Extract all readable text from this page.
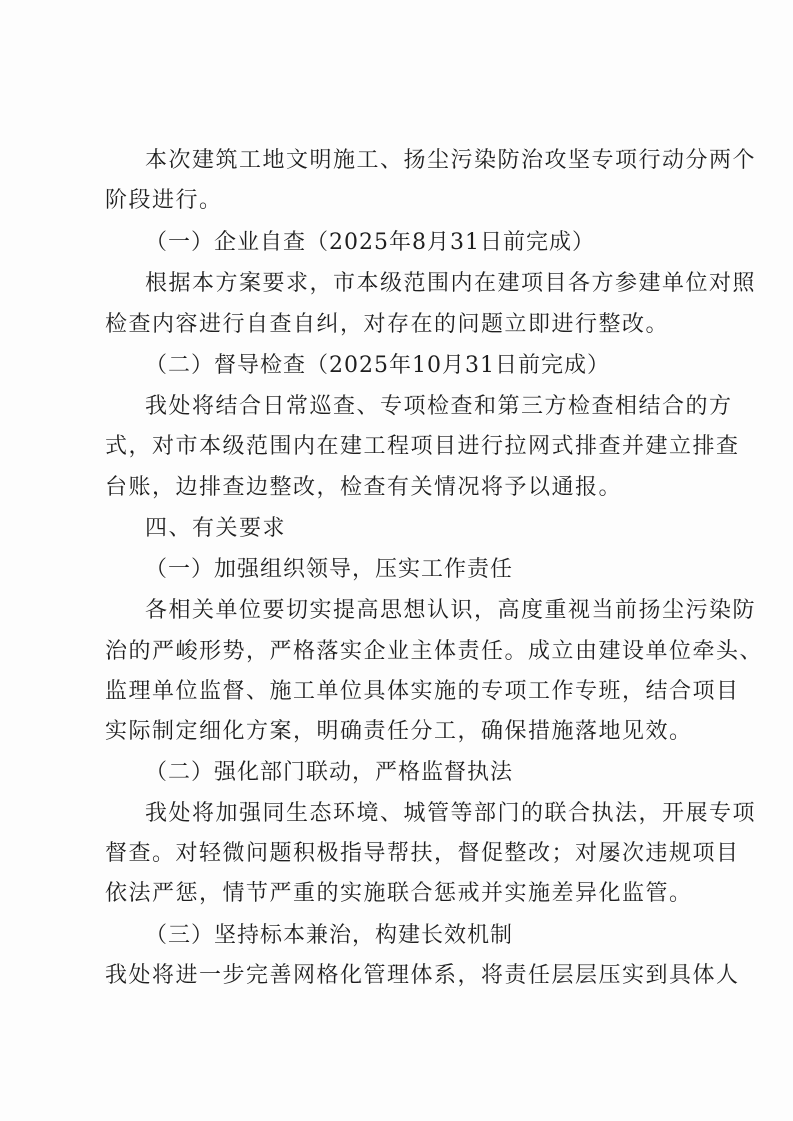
本次建筑工地文明施工、扬尘污染防治攻坚专项行动分两个
阶段进行。
（一）企业自查（2025年8月31日前完成）
根据本方案要求，市本级范围内在建项目各方参建单位对照
检查内容进行自查自纠，对存在的问题立即进行整改。
（二）督导检查（2025年10月31日前完成）
我处将结合日常巡查、专项检查和第三方检查相结合的方
式，对市本级范围内在建工程项目进行拉网式排查并建立排查
台账，边排查边整改，检查有关情况将予以通报。
四、有关要求
（一）加强组织领导，压实工作责任
各相关单位要切实提高思想认识，高度重视当前扬尘污染防
治的严峻形势，严格落实企业主体责任。成立由建设单位牵头、
监理单位监督、施工单位具体实施的专项工作专班，结合项目
实际制定细化方案，明确责任分工，确保措施落地见效。
（二）强化部门联动，严格监督执法
我处将加强同生态环境、城管等部门的联合执法，开展专项
督查。对轻微问题积极指导帮扶，督促整改；对屡次违规项目
依法严惩，情节严重的实施联合惩戒并实施差异化监管。
（三）坚持标本兼治，构建长效机制
我处将进一步完善网格化管理体系，将责任层层压实到具体人
